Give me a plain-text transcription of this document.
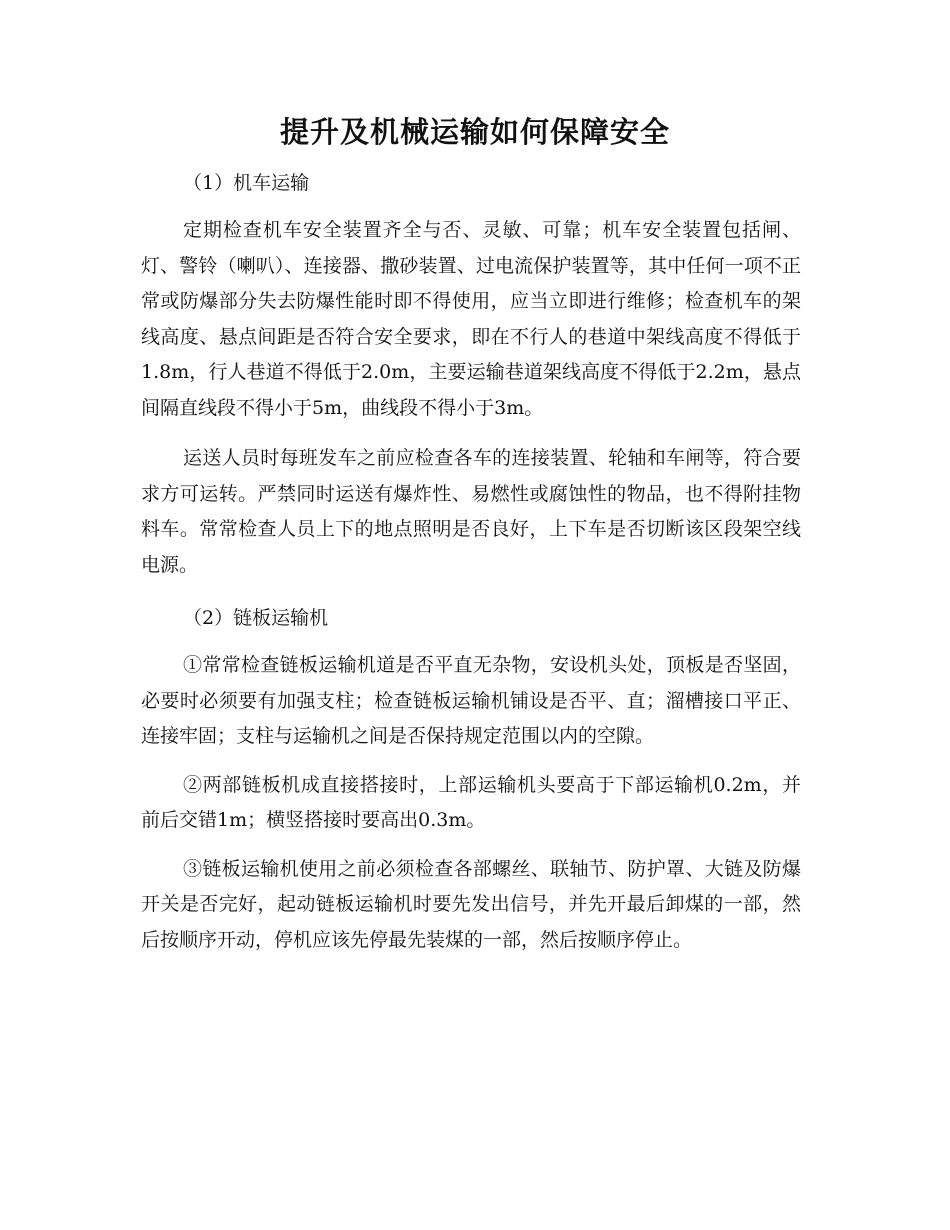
提升及机械运输如何保障安全

（1）机车运输

定期检查机车安全装置齐全与否、灵敏、可靠；机车安全装置包括闸、灯、警铃（喇叭）、连接器、撒砂装置、过电流保护装置等，其中任何一项不正常或防爆部分失去防爆性能时即不得使用，应当立即进行维修；检查机车的架线高度、悬点间距是否符合安全要求，即在不行人的巷道中架线高度不得低于1.8m，行人巷道不得低于2.0m，主要运输巷道架线高度不得低于2.2m，悬点间隔直线段不得小于5m，曲线段不得小于3m。

运送人员时每班发车之前应检查各车的连接装置、轮轴和车闸等，符合要求方可运转。严禁同时运送有爆炸性、易燃性或腐蚀性的物品，也不得附挂物料车。常常检查人员上下的地点照明是否良好，上下车是否切断该区段架空线电源。

（2）链板运输机

①常常检查链板运输机道是否平直无杂物，安设机头处，顶板是否坚固，必要时必须要有加强支柱；检查链板运输机铺设是否平、直；溜槽接口平正、连接牢固；支柱与运输机之间是否保持规定范围以内的空隙。

②两部链板机成直接搭接时，上部运输机头要高于下部运输机0.2m，并前后交错1m；横竖搭接时要高出0.3m。

③链板运输机使用之前必须检查各部螺丝、联轴节、防护罩、大链及防爆开关是否完好，起动链板运输机时要先发出信号，并先开最后卸煤的一部，然后按顺序开动，停机应该先停最先装煤的一部，然后按顺序停止。
